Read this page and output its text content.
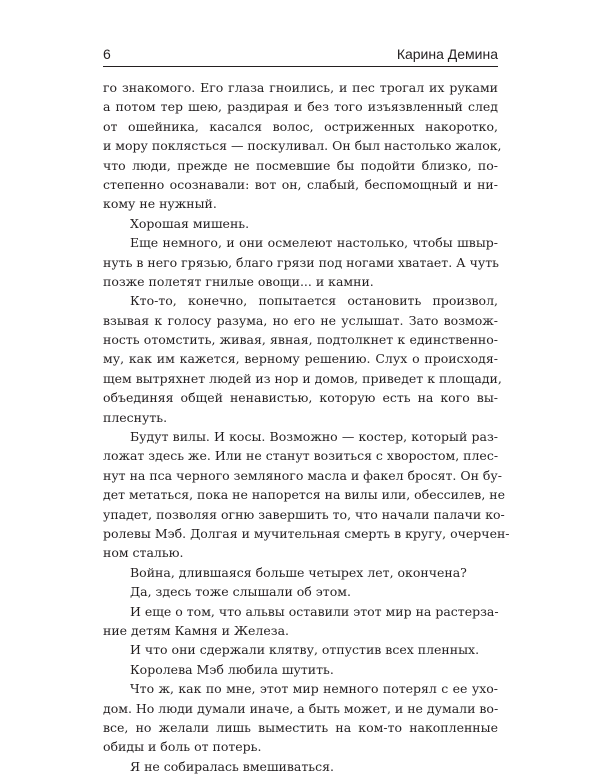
6	Карина Демина
го знакомого. Его глаза гноились, и пес трогал их руками
а потом тер шею, раздирая и без того изъязвленный след
от ошейника, касался волос, остриженных накоротко,
и мору поклясться — поскуливал. Он был настолько жалок,
что люди, прежде не посмевшие бы подойти близко, по-
степенно осознавали: вот он, слабый, беспомощный и ни-
кому не нужный.
Хорошая мишень.
Еще немного, и они осмелеют настолько, чтобы швыр-
нуть в него грязью, благо грязи под ногами хватает. А чуть
позже полетят гнилые овощи... и камни.
Кто-то, конечно, попытается остановить произвол,
взывая к голосу разума, но его не услышат. Зато возмож-
ность отомстить, живая, явная, подтолкнет к единственно-
му, как им кажется, верному решению. Слух о происходя-
щем вытряхнет людей из нор и домов, приведет к площади,
объединяя общей ненавистью, которую есть на кого вы-
плеснуть.
Будут вилы. И косы. Возможно — костер, который раз-
ложат здесь же. Или не станут возиться с хворостом, плес-
нут на пса черного земляного масла и факел бросят. Он бу-
дет метаться, пока не напорется на вилы или, обессилев, не
упадет, позволяя огню завершить то, что начали палачи ко-
ролевы Мэб. Долгая и мучительная смерть в кругу, очерчен-
ном сталью.
Война, длившаяся больше четырех лет, окончена?
Да, здесь тоже слышали об этом.
И еще о том, что альвы оставили этот мир на растерза-
ние детям Камня и Железа.
И что они сдержали клятву, отпустив всех пленных.
Королева Мэб любила шутить.
Что ж, как по мне, этот мир немного потерял с ее ухо-
дом. Но люди думали иначе, а быть может, и не думали во-
все, но желали лишь выместить на ком-то накопленные
обиды и боль от потерь.
Я не собиралась вмешиваться.
